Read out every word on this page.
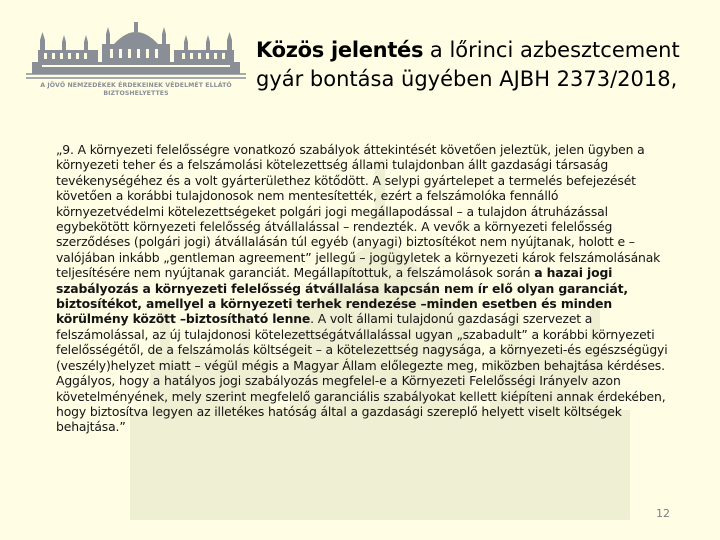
A JÖVŐ NEMZEDÉKEK ÉRDEKEINEK VÉDELMÉT ELLÁTÓ
BIZTOSHELYETTES
Közös jelentés a lőrinci azbesztcement gyár bontása ügyében AJBH 2373/2018,
„9. A környezeti felelősségre vonatkozó szabályok áttekintését követően jeleztük, jelen ügyben a környezeti teher és a felszámolási kötelezettség állami tulajdonban állt gazdasági társaság tevékenységéhez és a volt gyárterülethez kötődött. A selypi gyártelepet a termelés befejezését követően a korábbi tulajdonosok nem mentesítették, ezért a felszámolóka fennálló környezetvédelmi kötelezettségeket polgári jogi megállapodással – a tulajdon átruházással egybekötött környezeti felelősség átvállalással – rendezték. A vevők a környezeti felelősség szerződéses (polgári jogi) átvállalásán túl egyéb (anyagi) biztosítékot nem nyújtanak, holott e – valójában inkább „gentleman agreement” jellegű – jogügyletek a környezeti károk felszámolásának teljesítésére nem nyújtanak garanciát. Megállapítottuk, a felszámolások során a hazai jogi szabályozás a környezeti felelősség átvállalása kapcsán nem ír elő olyan garanciát, biztosítékot, amellyel a környezeti terhek rendezése –minden esetben és minden körülmény között –biztosítható lenne. A volt állami tulajdonú gazdasági szervezet a felszámolással, az új tulajdonosi kötelezettségátvállalással ugyan „szabadult” a korábbi környezeti felelősségétől, de a felszámolás költségeit – a kötelezettség nagysága, a környezeti-és egészségügyi (veszély)helyzet miatt – végül mégis a Magyar Állam előlegezte meg, miközben behajtása kérdéses. Aggályos, hogy a hatályos jogi szabályozás megfelel-e a Környezeti Felelősségi Irányelv azon követelményének, mely szerint megfelelő garanciális szabályokat kellett kiépíteni annak érdekében, hogy biztosítva legyen az illetékes hatóság által a gazdasági szereplő helyett viselt költségek behajtása.”
12
